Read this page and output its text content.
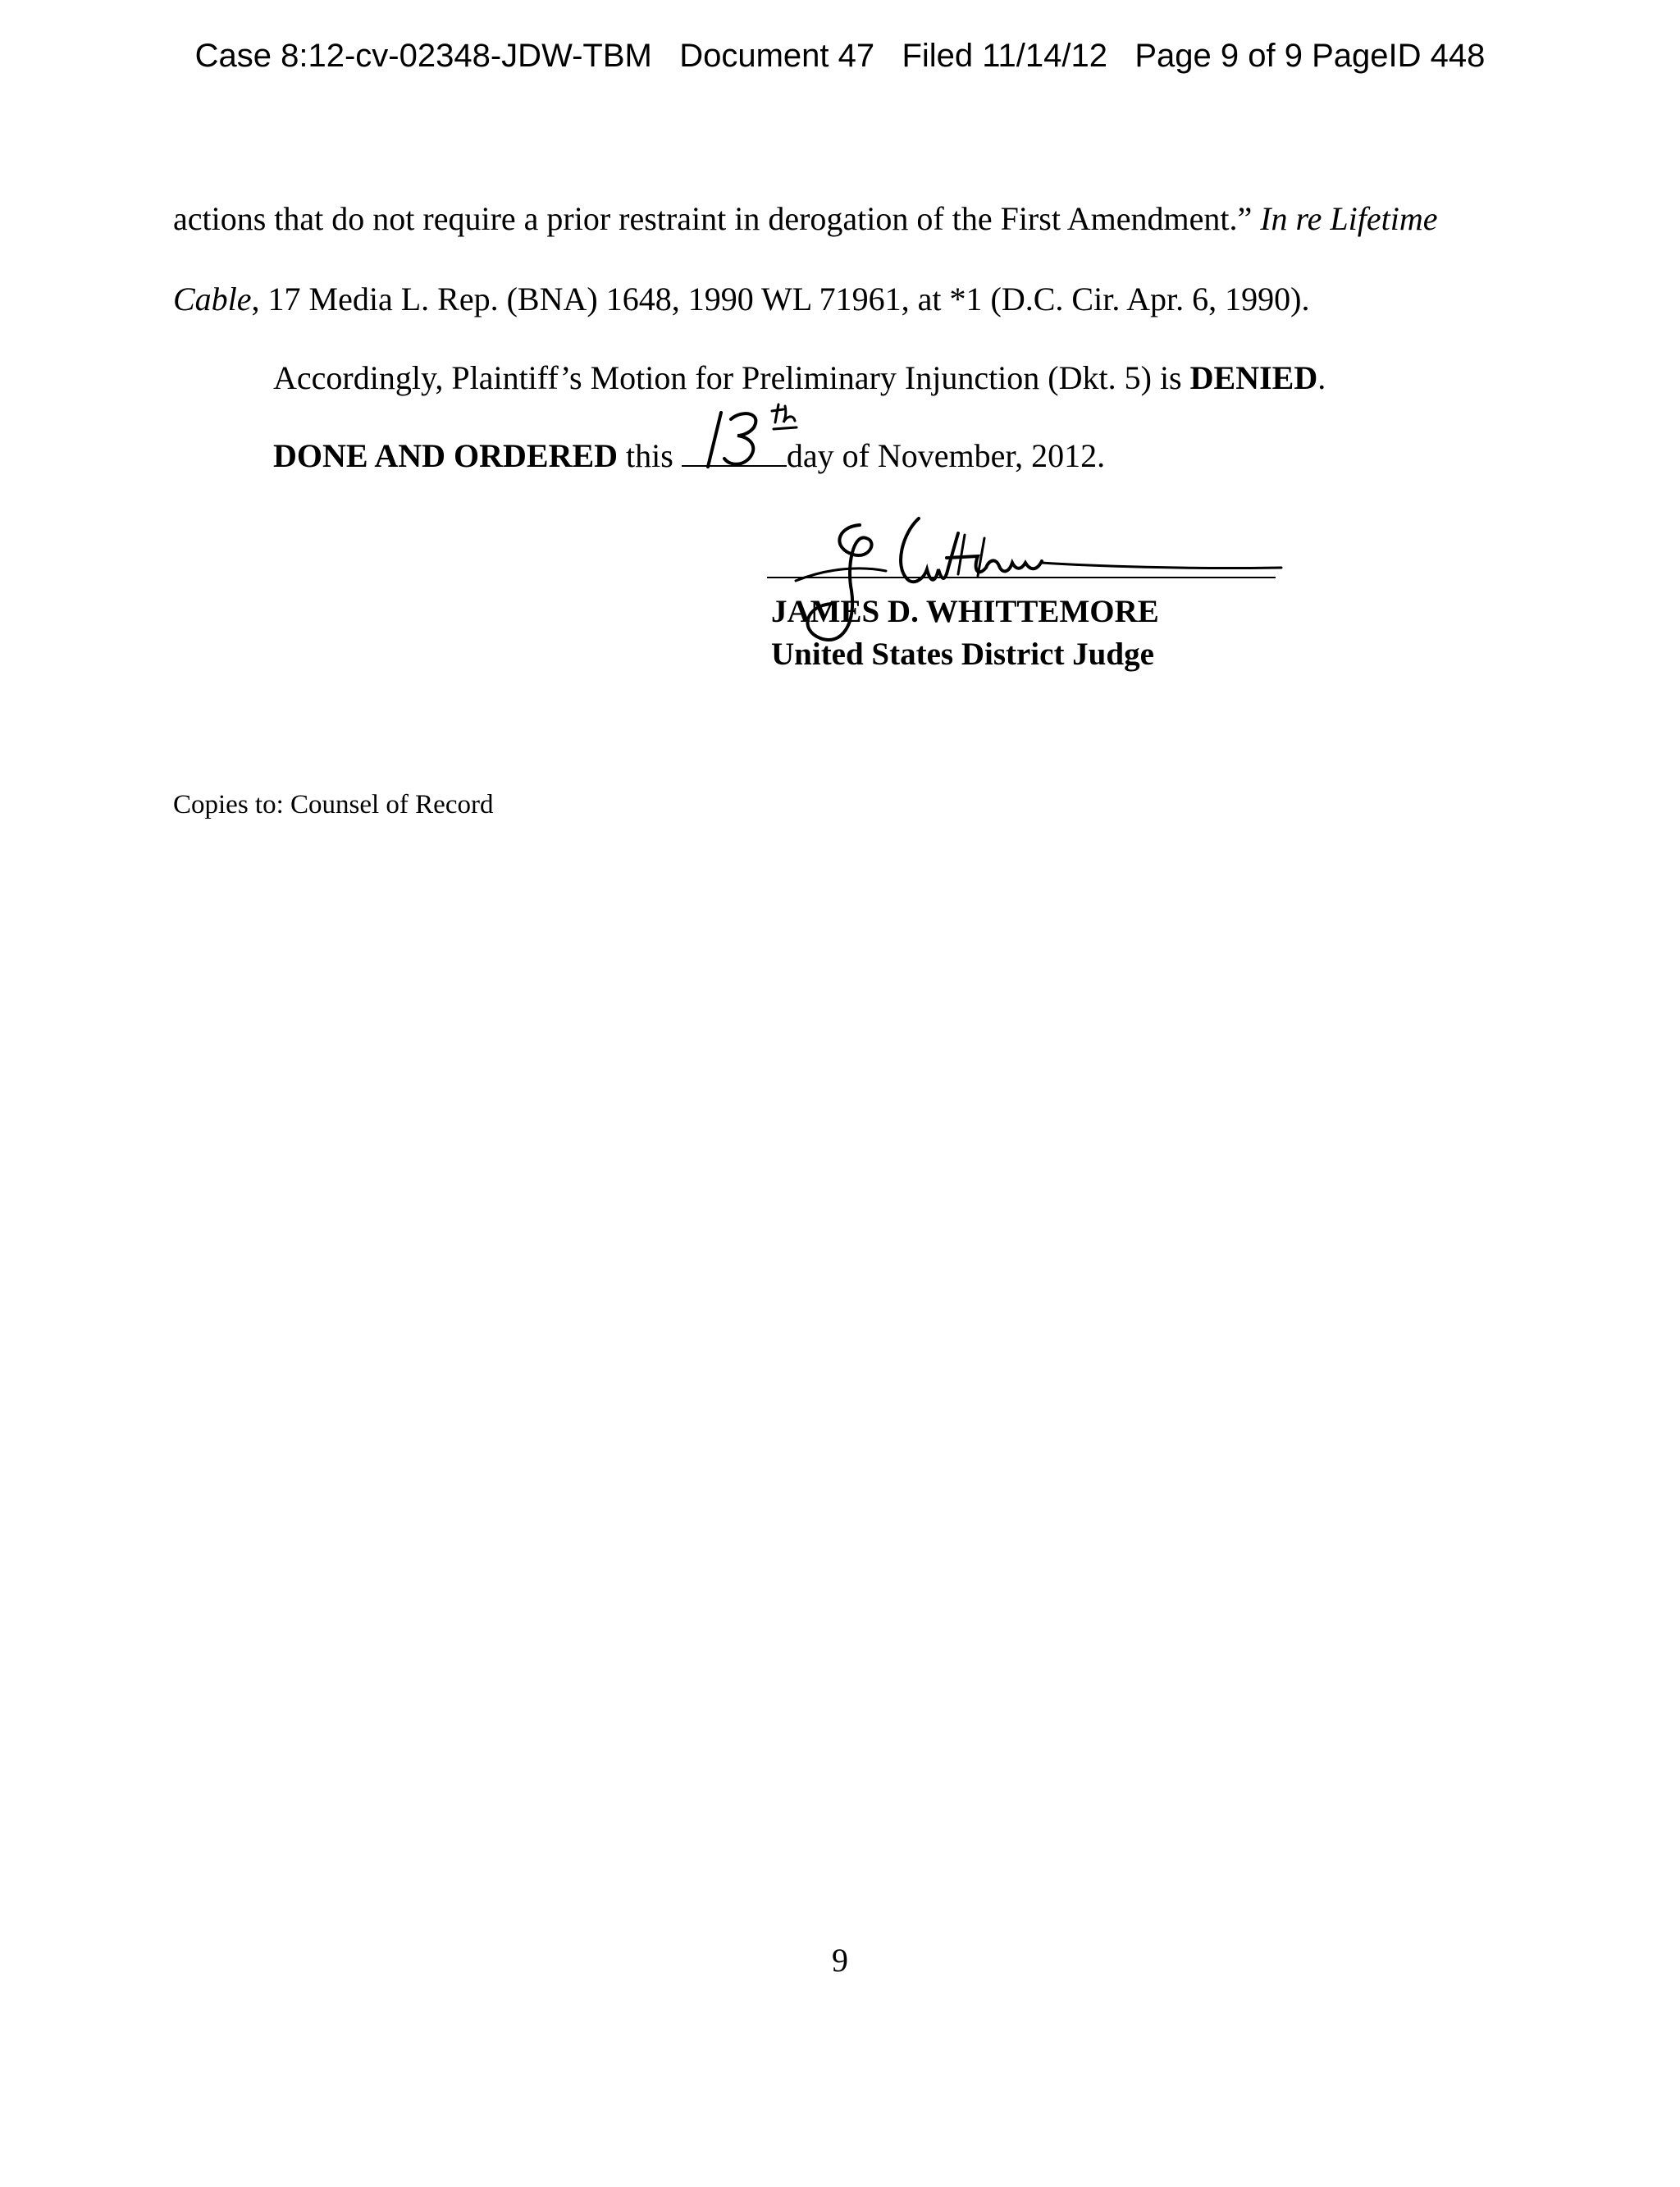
Case 8:12-cv-02348-JDW-TBM Document 47 Filed 11/14/12 Page 9 of 9 PageID 448
actions that do not require a prior restraint in derogation of the First Amendment.” In re Lifetime
Cable, 17 Media L. Rep. (BNA) 1648, 1990 WL 71961, at *1 (D.C. Cir. Apr. 6, 1990).
Accordingly, Plaintiff’s Motion for Preliminary Injunction (Dkt. 5) is DENIED.
DONE AND ORDERED this	day of November, 2012.
JAMES D. WHITTEMORE
United States District Judge
Copies to: Counsel of Record
9
